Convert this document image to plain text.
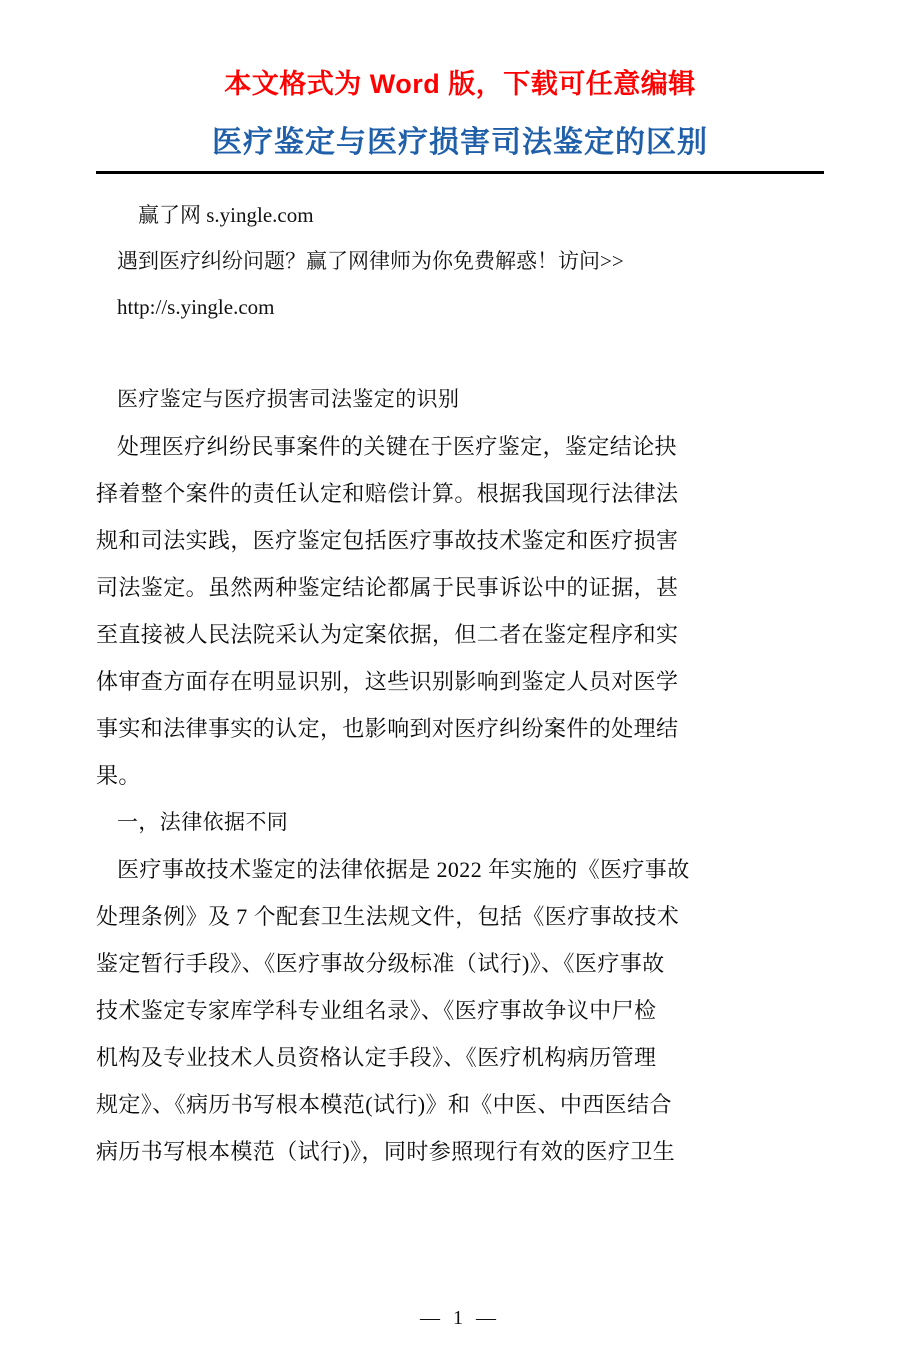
本文格式为 Word 版，下载可任意编辑
医疗鉴定与医疗损害司法鉴定的区别
赢了网 s.yingle.com
遇到医疗纠纷问题？赢了网律师为你免费解惑！访问>>
http://s.yingle.com
医疗鉴定与医疗损害司法鉴定的识别
处理医疗纠纷民事案件的关键在于医疗鉴定，鉴定结论抉
择着整个案件的责任认定和赔偿计算。根据我国现行法律法
规和司法实践，医疗鉴定包括医疗事故技术鉴定和医疗损害
司法鉴定。虽然两种鉴定结论都属于民事诉讼中的证据，甚
至直接被人民法院采认为定案依据，但二者在鉴定程序和实
体审查方面存在明显识别，这些识别影响到鉴定人员对医学
事实和法律事实的认定，也影响到对医疗纠纷案件的处理结
果。
一，法律依据不同
医疗事故技术鉴定的法律依据是 2022 年实施的《医疗事故
处理条例》及 7 个配套卫生法规文件，包括《医疗事故技术
鉴定暂行手段》、《医疗事故分级标准（试行)》、《医疗事故
技术鉴定专家库学科专业组名录》、《医疗事故争议中尸检
机构及专业技术人员资格认定手段》、《医疗机构病历管理
规定》、《病历书写根本模范(试行)》和《中医、中西医结合
病历书写根本模范（试行)》，同时参照现行有效的医疗卫生
— 1 —
